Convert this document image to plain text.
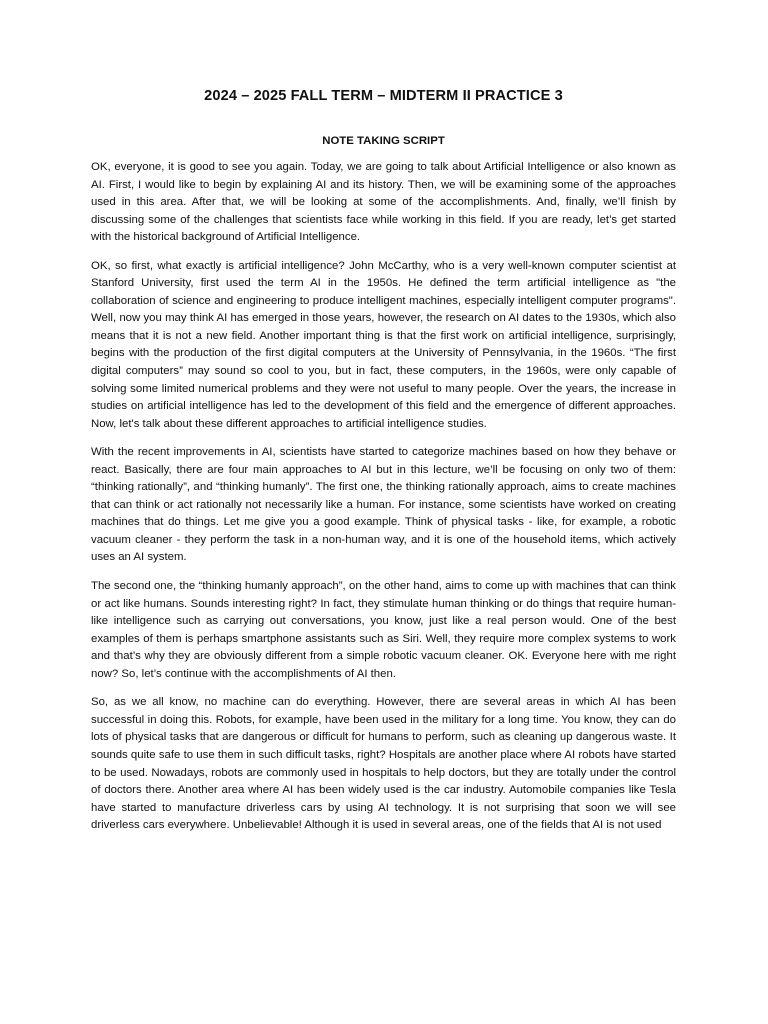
2024 – 2025 FALL TERM – MIDTERM II PRACTICE 3
NOTE TAKING SCRIPT

OK, everyone, it is good to see you again. Today, we are going to talk about Artificial Intelligence or also known as AI. First, I would like to begin by explaining AI and its history. Then, we will be examining some of the approaches used in this area. After that, we will be looking at some of the accomplishments. And, finally, we’ll finish by discussing some of the challenges that scientists face while working in this field. If you are ready, let’s get started with the historical background of Artificial Intelligence.

OK, so first, what exactly is artificial intelligence? John McCarthy, who is a very well-known computer scientist at Stanford University, first used the term AI in the 1950s. He defined the term artificial intelligence as "the collaboration of science and engineering to produce intelligent machines, especially intelligent computer programs". Well, now you may think AI has emerged in those years, however, the research on AI dates to the 1930s, which also means that it is not a new field. Another important thing is that the first work on artificial intelligence, surprisingly, begins with the production of the first digital computers at the University of Pennsylvania, in the 1960s. “The first digital computers” may sound so cool to you, but in fact, these computers, in the 1960s, were only capable of solving some limited numerical problems and they were not useful to many people. Over the years, the increase in studies on artificial intelligence has led to the development of this field and the emergence of different approaches. Now, let's talk about these different approaches to artificial intelligence studies.

With the recent improvements in AI, scientists have started to categorize machines based on how they behave or react. Basically, there are four main approaches to AI but in this lecture, we’ll be focusing on only two of them: “thinking rationally”, and “thinking humanly”. The first one, the thinking rationally approach, aims to create machines that can think or act rationally not necessarily like a human. For instance, some scientists have worked on creating machines that do things. Let me give you a good example. Think of physical tasks - like, for example, a robotic vacuum cleaner - they perform the task in a non-human way, and it is one of the household items, which actively uses an AI system.

The second one, the “thinking humanly approach”, on the other hand, aims to come up with machines that can think or act like humans. Sounds interesting right? In fact, they stimulate human thinking or do things that require human-like intelligence such as carrying out conversations, you know, just like a real person would. One of the best examples of them is perhaps smartphone assistants such as Siri. Well, they require more complex systems to work and that’s why they are obviously different from a simple robotic vacuum cleaner. OK. Everyone here with me right now? So, let’s continue with the accomplishments of AI then.

So, as we all know, no machine can do everything. However, there are several areas in which AI has been successful in doing this. Robots, for example, have been used in the military for a long time. You know, they can do lots of physical tasks that are dangerous or difficult for humans to perform, such as cleaning up dangerous waste. It sounds quite safe to use them in such difficult tasks, right? Hospitals are another place where AI robots have started to be used. Nowadays, robots are commonly used in hospitals to help doctors, but they are totally under the control of doctors there. Another area where AI has been widely used is the car industry. Automobile companies like Tesla have started to manufacture driverless cars by using AI technology. It is not surprising that soon we will see driverless cars everywhere. Unbelievable! Although it is used in several areas, one of the fields that AI is not used
